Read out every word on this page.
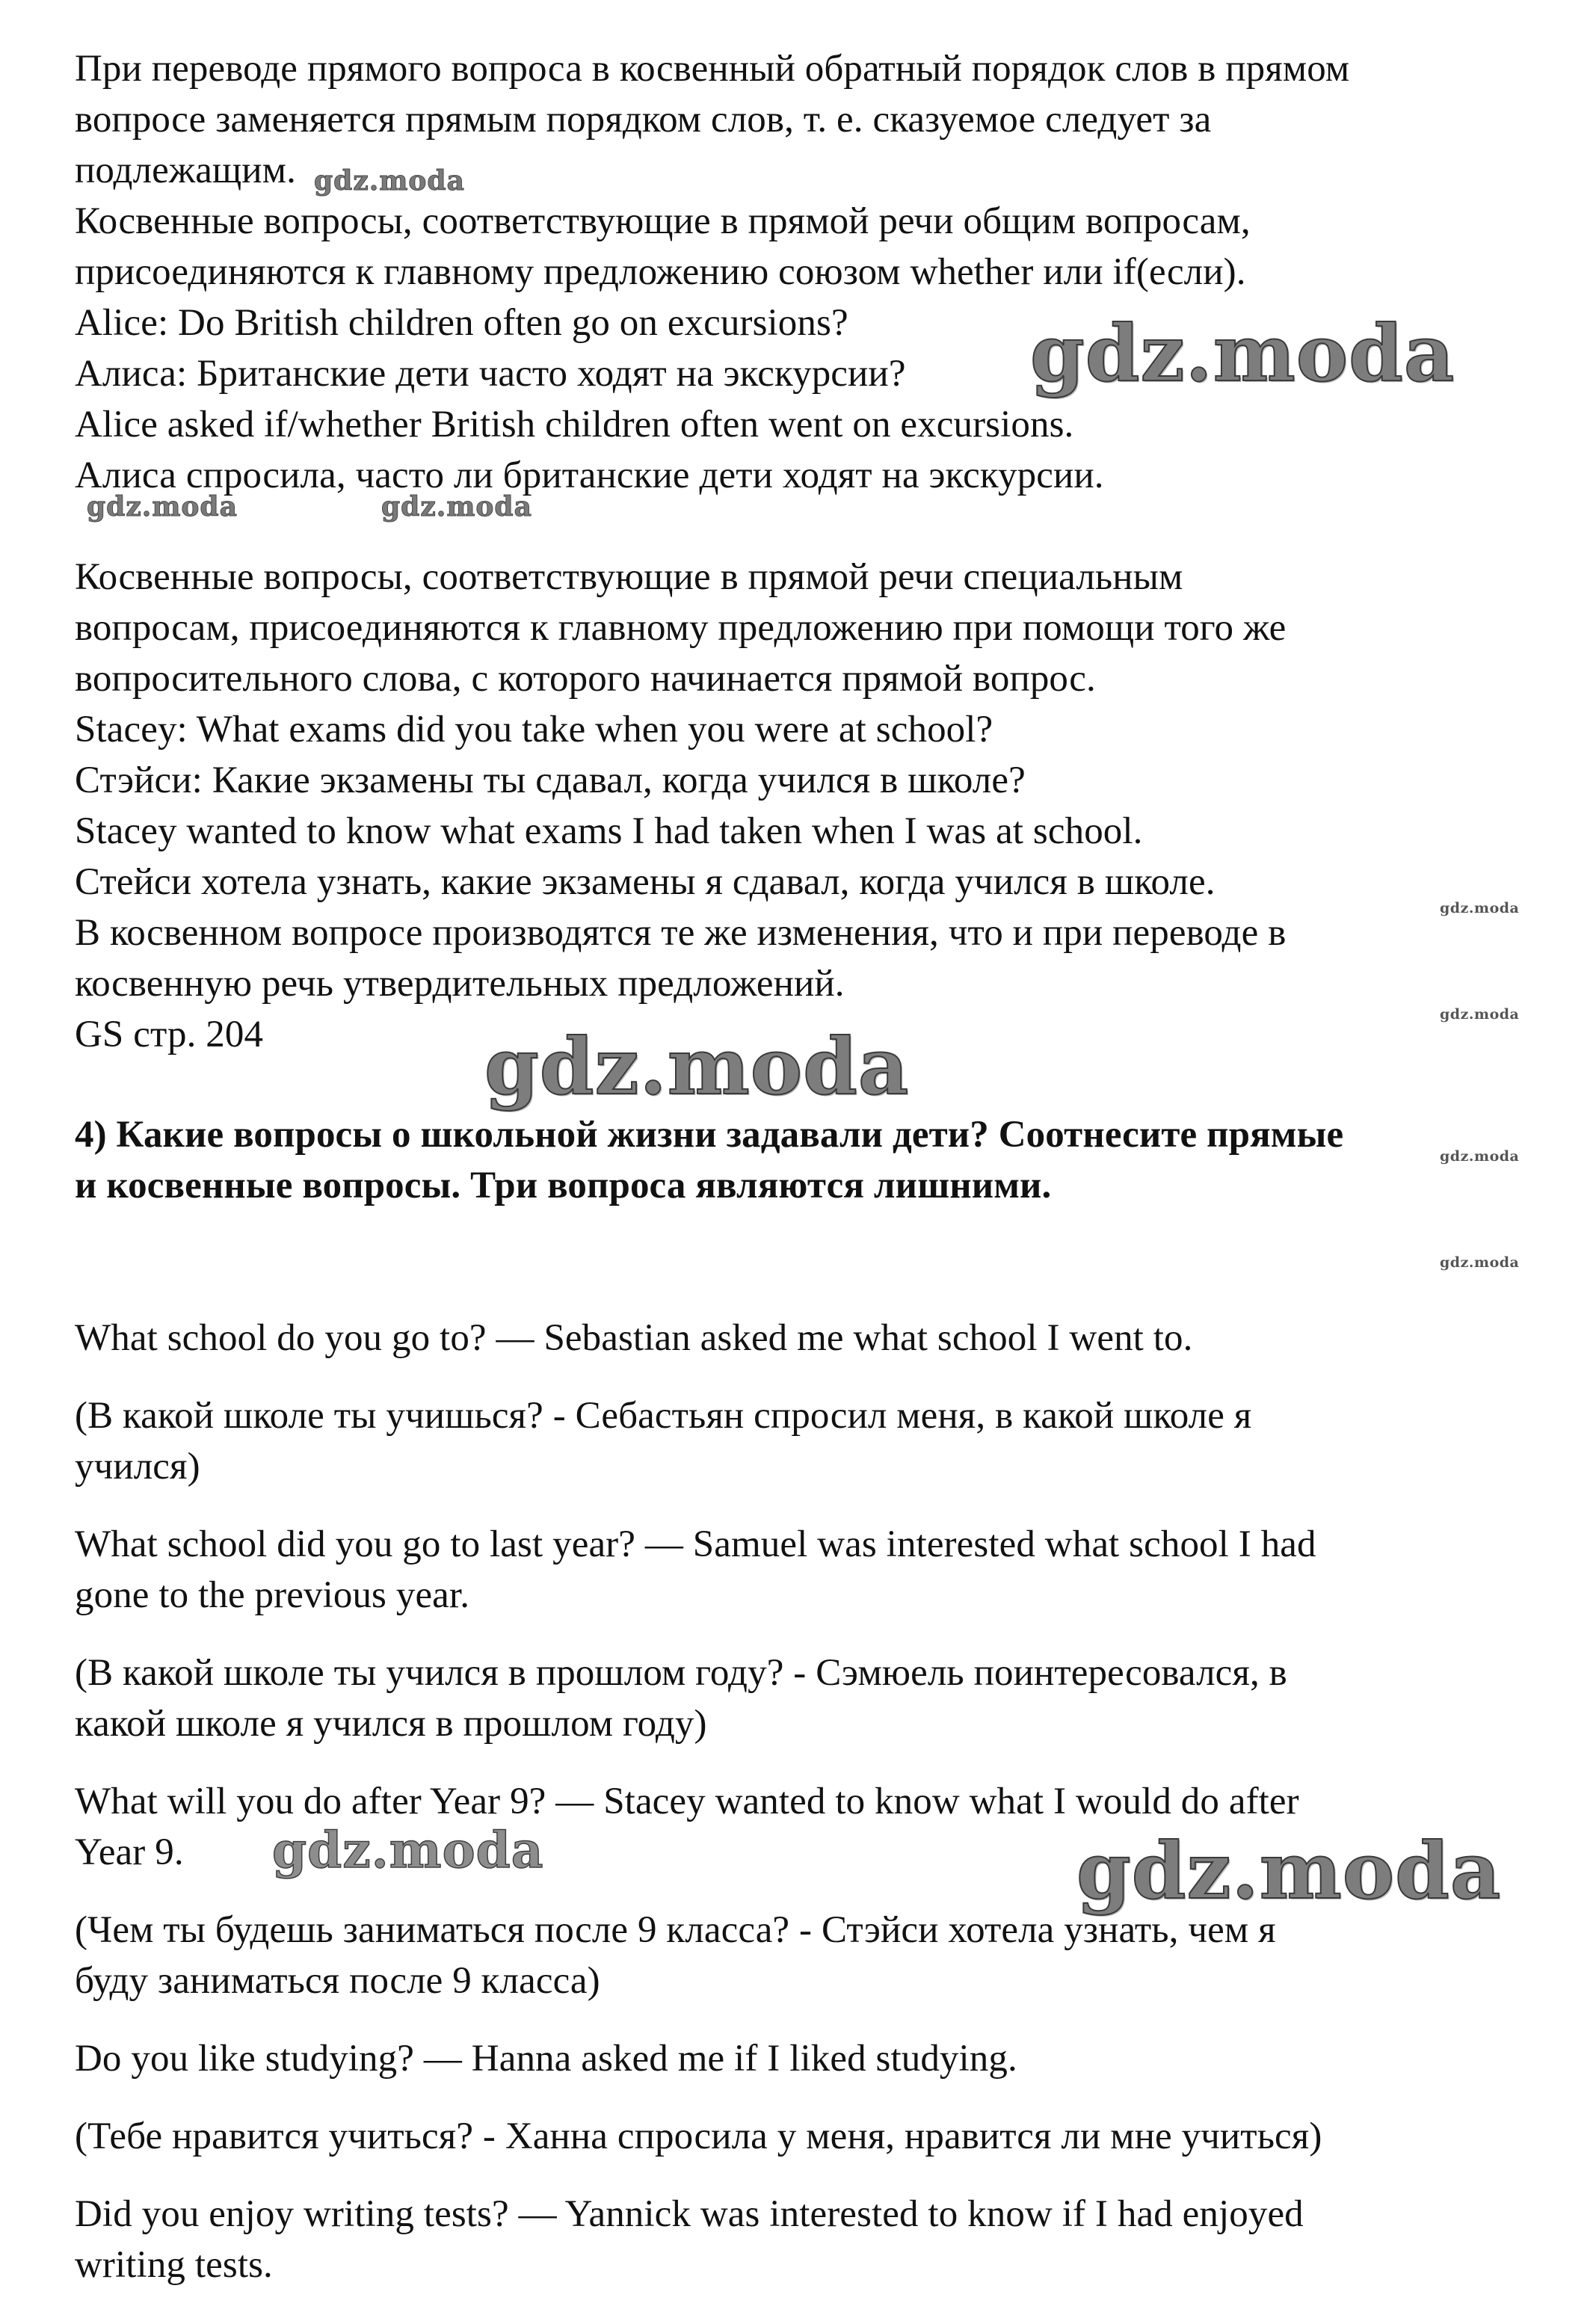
При переводе прямого вопроса в косвенный обратный порядок слов в прямом
вопросе заменяется прямым порядком слов, т. е. сказуемое следует за
подлежащим.
Косвенные вопросы, соответствующие в прямой речи общим вопросам,
присоединяются к главному предложению союзом whether или if(если).
Alice: Do British children often go on excursions?
Алиса: Британские дети часто ходят на экскурсии?
Alice asked if/whether British children often went on excursions.
Алиса спросила, часто ли британские дети ходят на экскурсии.
Косвенные вопросы, соответствующие в прямой речи специальным
вопросам, присоединяются к главному предложению при помощи того же
вопросительного слова, с которого начинается прямой вопрос.
Stacey: What exams did you take when you were at school?
Стэйси: Какие экзамены ты сдавал, когда учился в школе?
Stacey wanted to know what exams I had taken when I was at school.
Стейси хотела узнать, какие экзамены я сдавал, когда учился в школе.
В косвенном вопросе производятся те же изменения, что и при переводе в
косвенную речь утвердительных предложений.
GS стр. 204
4) Какие вопросы о школьной жизни задавали дети? Соотнесите прямые
и косвенные вопросы. Три вопроса являются лишними.
What school do you go to? — Sebastian asked me what school I went to.
(В какой школе ты учишься? - Себастьян спросил меня, в какой школе я
учился)
What school did you go to last year? — Samuel was interested what school I had
gone to the previous year.
(В какой школе ты учился в прошлом году? - Сэмюель поинтересовался, в
какой школе я учился в прошлом году)
What will you do after Year 9? — Stacey wanted to know what I would do after
Year 9.
(Чем ты будешь заниматься после 9 класса? - Стэйси хотела узнать, чем я
буду заниматься после 9 класса)
Do you like studying? — Hanna asked me if I liked studying.
(Тебе нравится учиться? - Ханна спросила у меня, нравится ли мне учиться)
Did you enjoy writing tests? — Yannick was interested to know if I had enjoyed
writing tests.
gdz.moda
gdz.moda
gdz.moda	gdz.moda
gdz.moda
gdz.moda
gdz.moda
gdz.moda
gdz.moda
gdz.moda	gdz.moda
